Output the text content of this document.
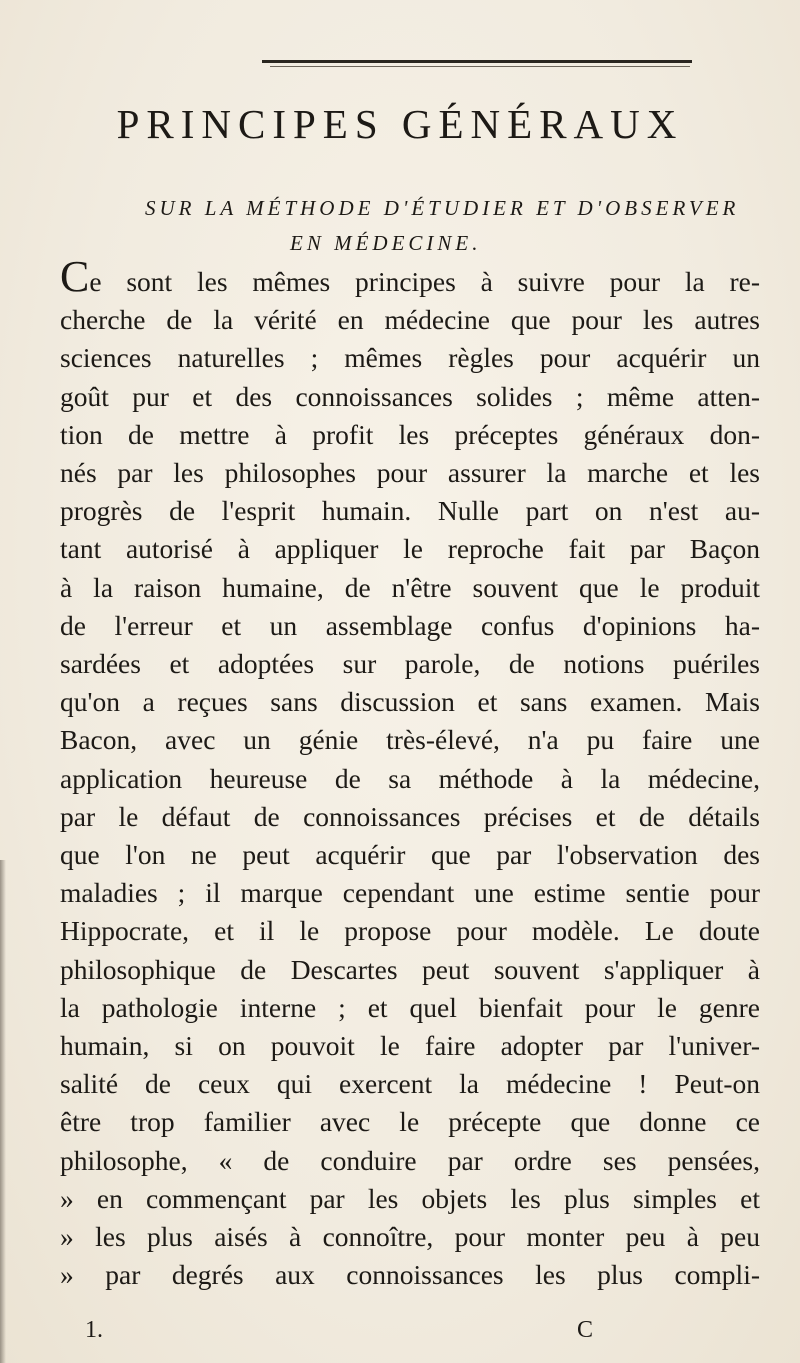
PRINCIPES GÉNÉRAUX
SUR LA MÉTHODE D'ÉTUDIER ET D'OBSERVER
EN MÉDECINE.
Ce sont les mêmes principes à suivre pour la re-
cherche de la vérité en médecine que pour les autres
sciences naturelles ; mêmes règles pour acquérir un
goût pur et des connoissances solides ; même atten-
tion de mettre à profit les préceptes généraux don-
nés par les philosophes pour assurer la marche et les
progrès de l'esprit humain. Nulle part on n'est au-
tant autorisé à appliquer le reproche fait par Baçon
à la raison humaine, de n'être souvent que le produit
de l'erreur et un assemblage confus d'opinions ha-
sardées et adoptées sur parole, de notions puériles
qu'on a reçues sans discussion et sans examen. Mais
Bacon, avec un génie très-élevé, n'a pu faire une
application heureuse de sa méthode à la médecine,
par le défaut de connoissances précises et de détails
que l'on ne peut acquérir que par l'observation des
maladies ; il marque cependant une estime sentie pour
Hippocrate, et il le propose pour modèle. Le doute
philosophique de Descartes peut souvent s'appliquer à
la pathologie interne ; et quel bienfait pour le genre
humain, si on pouvoit le faire adopter par l'univer-
salité de ceux qui exercent la médecine ! Peut-on
être trop familier avec le précepte que donne ce
philosophe, « de conduire par ordre ses pensées,
» en commençant par les objets les plus simples et
» les plus aisés à connoître, pour monter peu à peu
» par degrés aux connoissances les plus compli-
1.	C
